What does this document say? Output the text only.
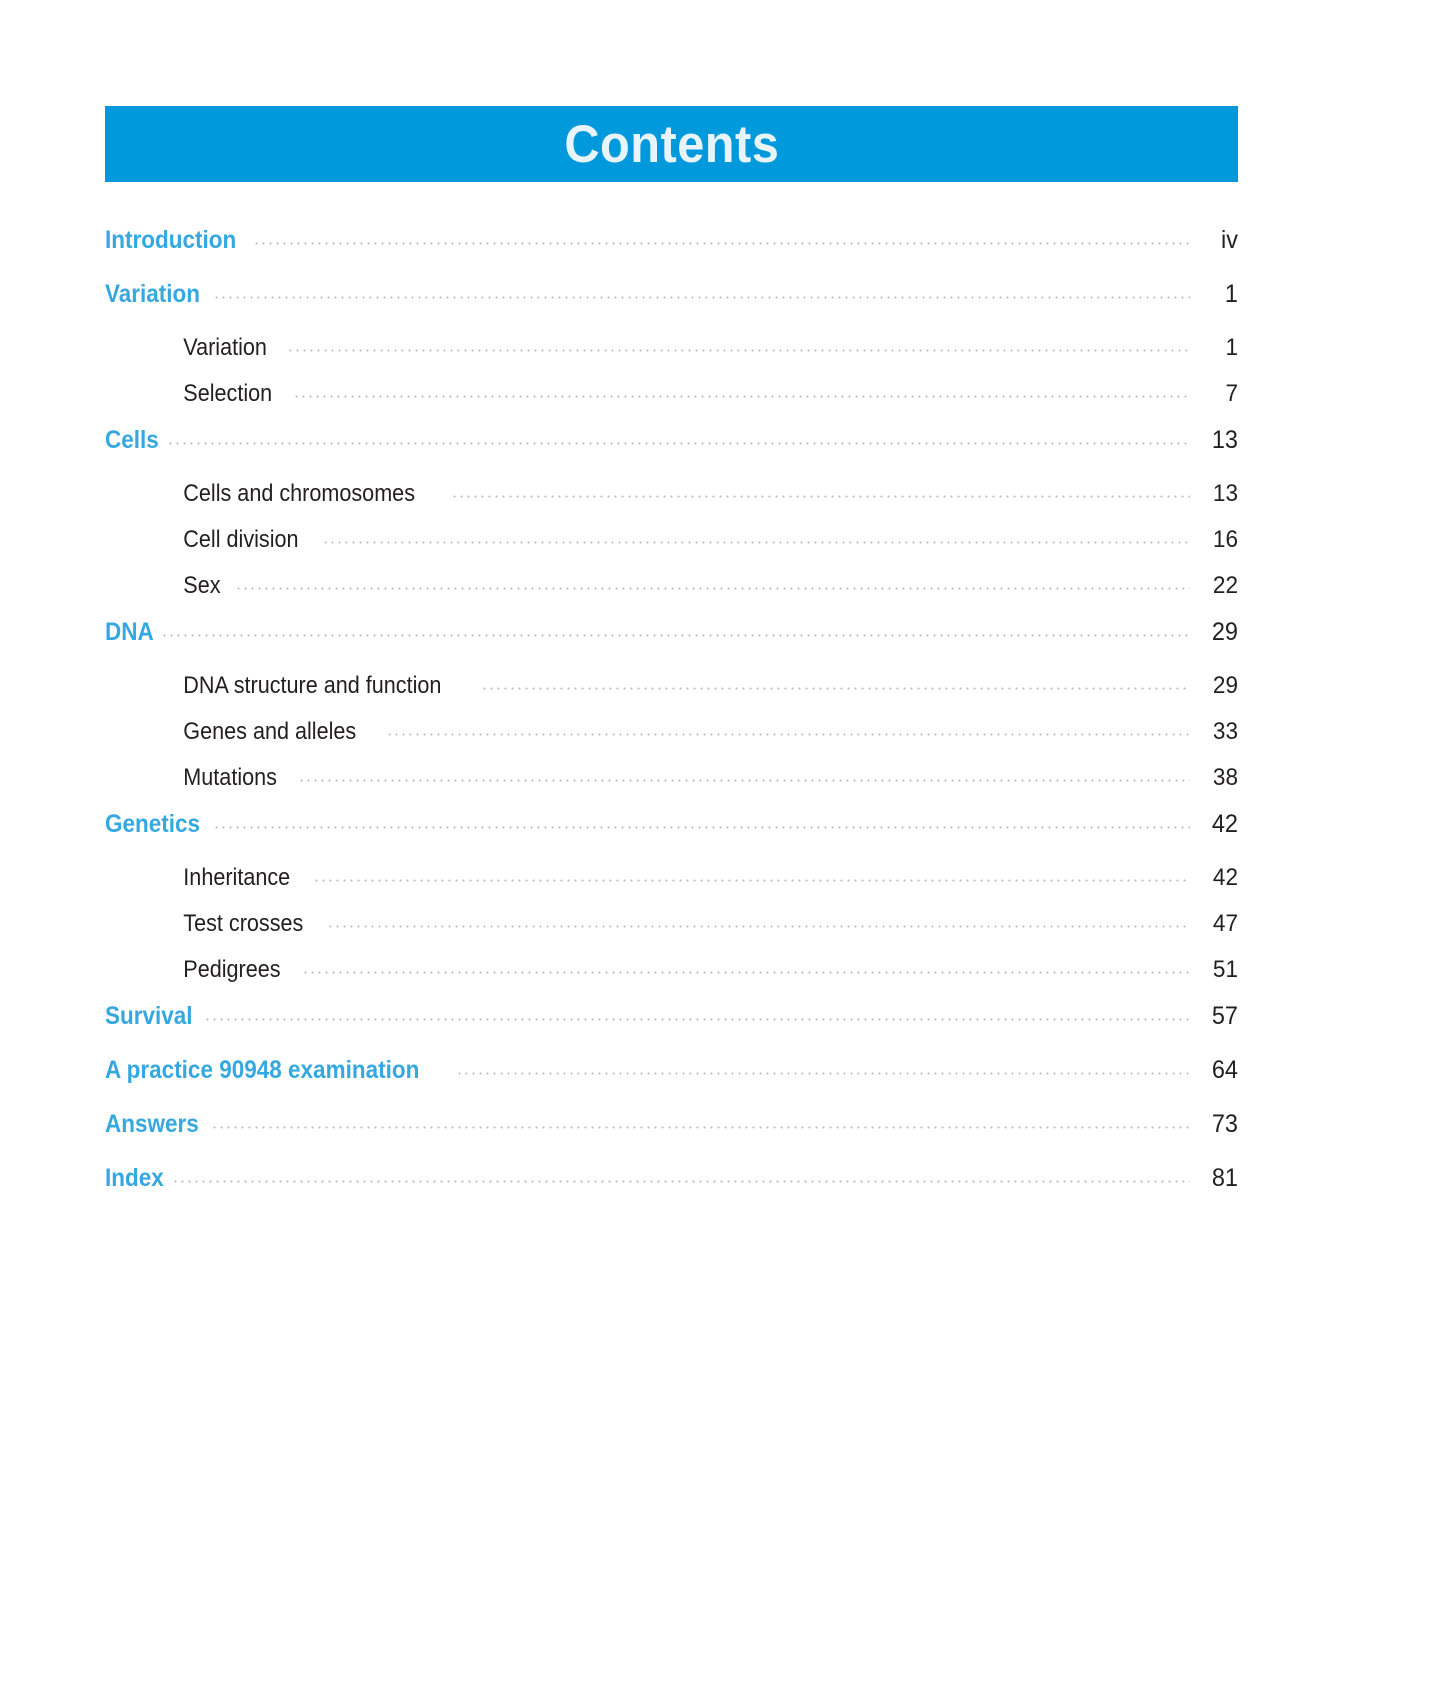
Contents
Introduction	iv
Variation	1
Variation	1
Selection	7
Cells	13
Cells and chromosomes	13
Cell division	16
Sex	22
DNA	29
DNA structure and function	29
Genes and alleles	33
Mutations	38
Genetics	42
Inheritance	42
Test crosses	47
Pedigrees	51
Survival	57
A practice 90948 examination	64
Answers	73
Index	81
